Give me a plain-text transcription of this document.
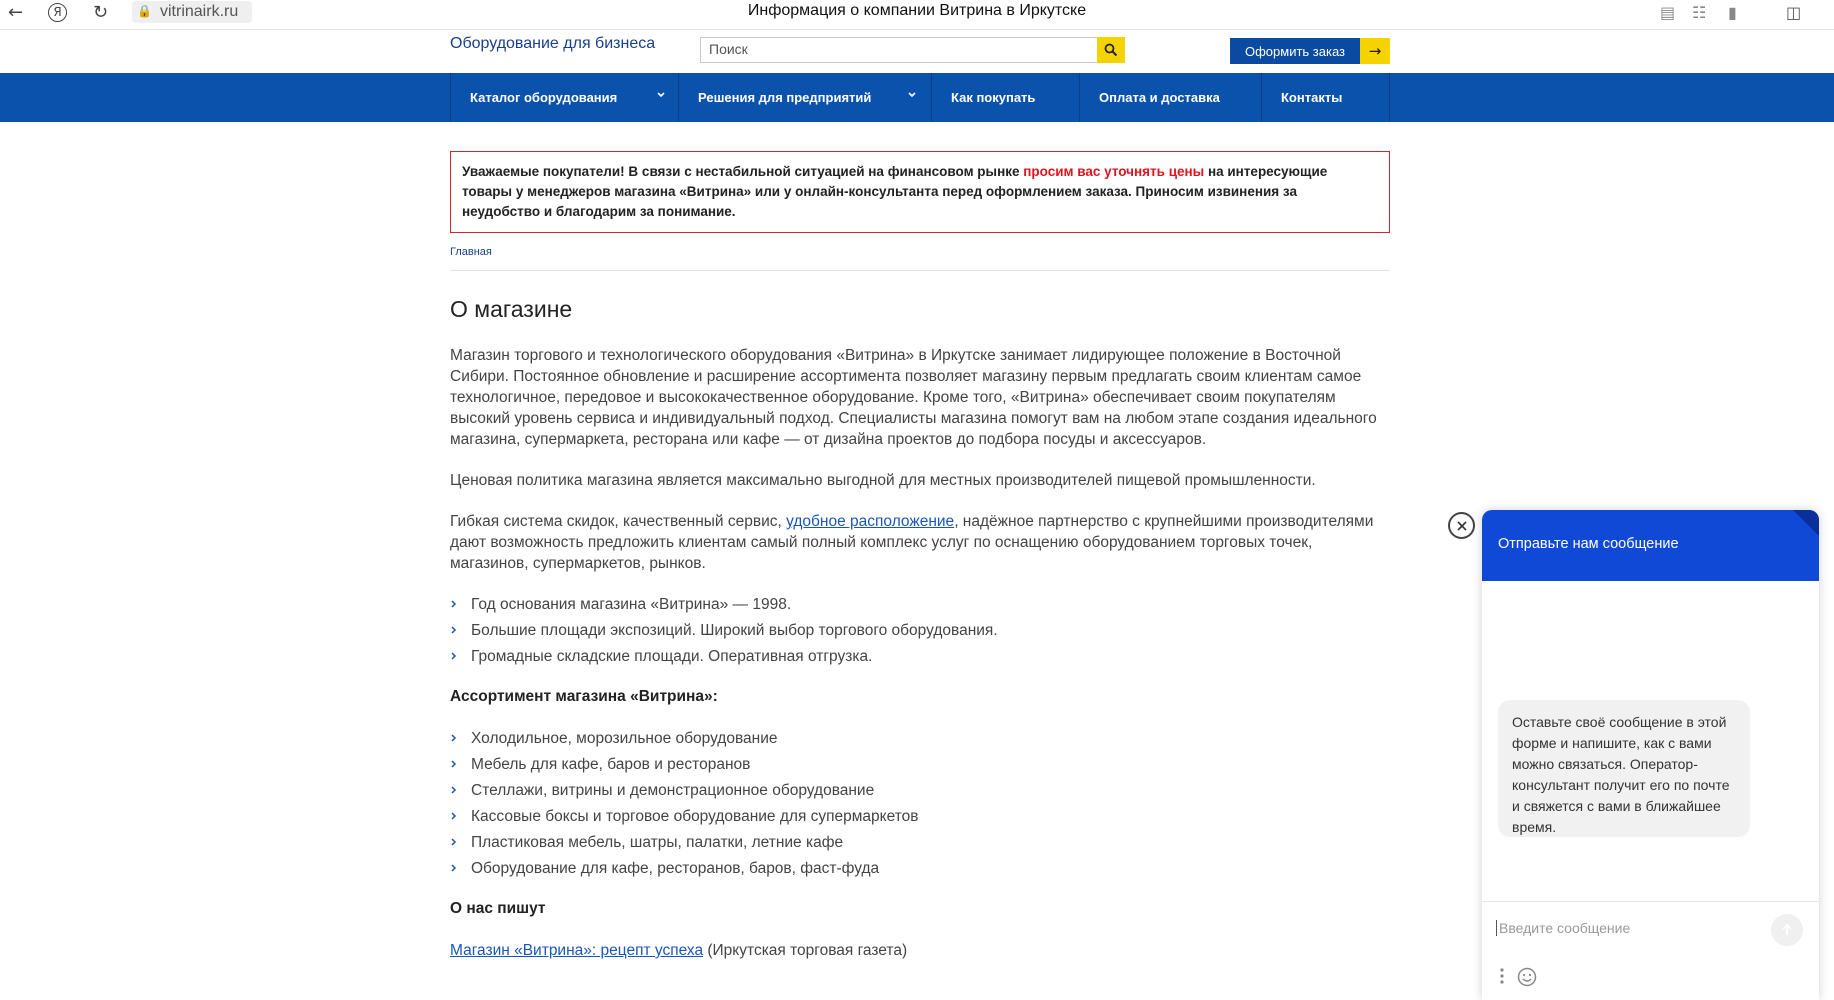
←	Я ↻ 🔒 vitrinairk.ru	Информация о компании Витрина в Иркутске	▤ ☷ ▮	◫
Оборудование для бизнеса
Поиск	Оформить заказ	→
Каталог оборудования	Решения для предприятий	Как покупать	Оплата и доставка	Контакты
Уважаемые покупатели! В связи с нестабильной ситуацией на финансовом рынке просим вас уточнять цены на интересующие товары у менеджеров магазина «Витрина» или у онлайн-консультанта перед оформлением заказа. Приносим извинения за неудобство и благодарим за понимание.
Главная
О магазине

Магазин торгового и технологического оборудования «Витрина» в Иркутске занимает лидирующее положение в Восточной Сибири. Постоянное обновление и расширение ассортимента позволяет магазину первым предлагать своим клиентам самое технологичное, передовое и высококачественное оборудование. Кроме того, «Витрина» обеспечивает своим покупателям высокий уровень сервиса и индивидуальный подход. Специалисты магазина помогут вам на любом этапе создания идеального магазина, супермаркета, ресторана или кафе — от дизайна проектов до подбора посуды и аксессуаров.

Ценовая политика магазина является максимально выгодной для местных производителей пищевой промышленности.

Гибкая система скидок, качественный сервис, удобное расположение, надёжное партнерство с крупнейшими производителями дают возможность предложить клиентам самый полный комплекс услуг по оснащению оборудованием торговых точек, магазинов, супермаркетов, рынков.

Год основания магазина «Витрина» — 1998.
Большие площади экспозиций. Широкий выбор торгового оборудования.
Громадные складские площади. Оперативная отгрузка.
Ассортимент магазина «Витрина»:
Холодильное, морозильное оборудование
Мебель для кафе, баров и ресторанов
Стеллажи, витрины и демонстрационное оборудование
Кассовые боксы и торговое оборудование для супермаркетов
Пластиковая мебель, шатры, палатки, летние кафе
Оборудование для кафе, ресторанов, баров, фаст-фуда
О нас пишут

Магазин «Витрина»: рецепт успеха (Иркутская торговая газета)

Отправьте нам сообщение
Оставьте своё сообщение в этой форме и напишите, как с вами можно связаться. Оператор-консультант получит его по почте и свяжется с вами в ближайшее время.
Введите сообщение
